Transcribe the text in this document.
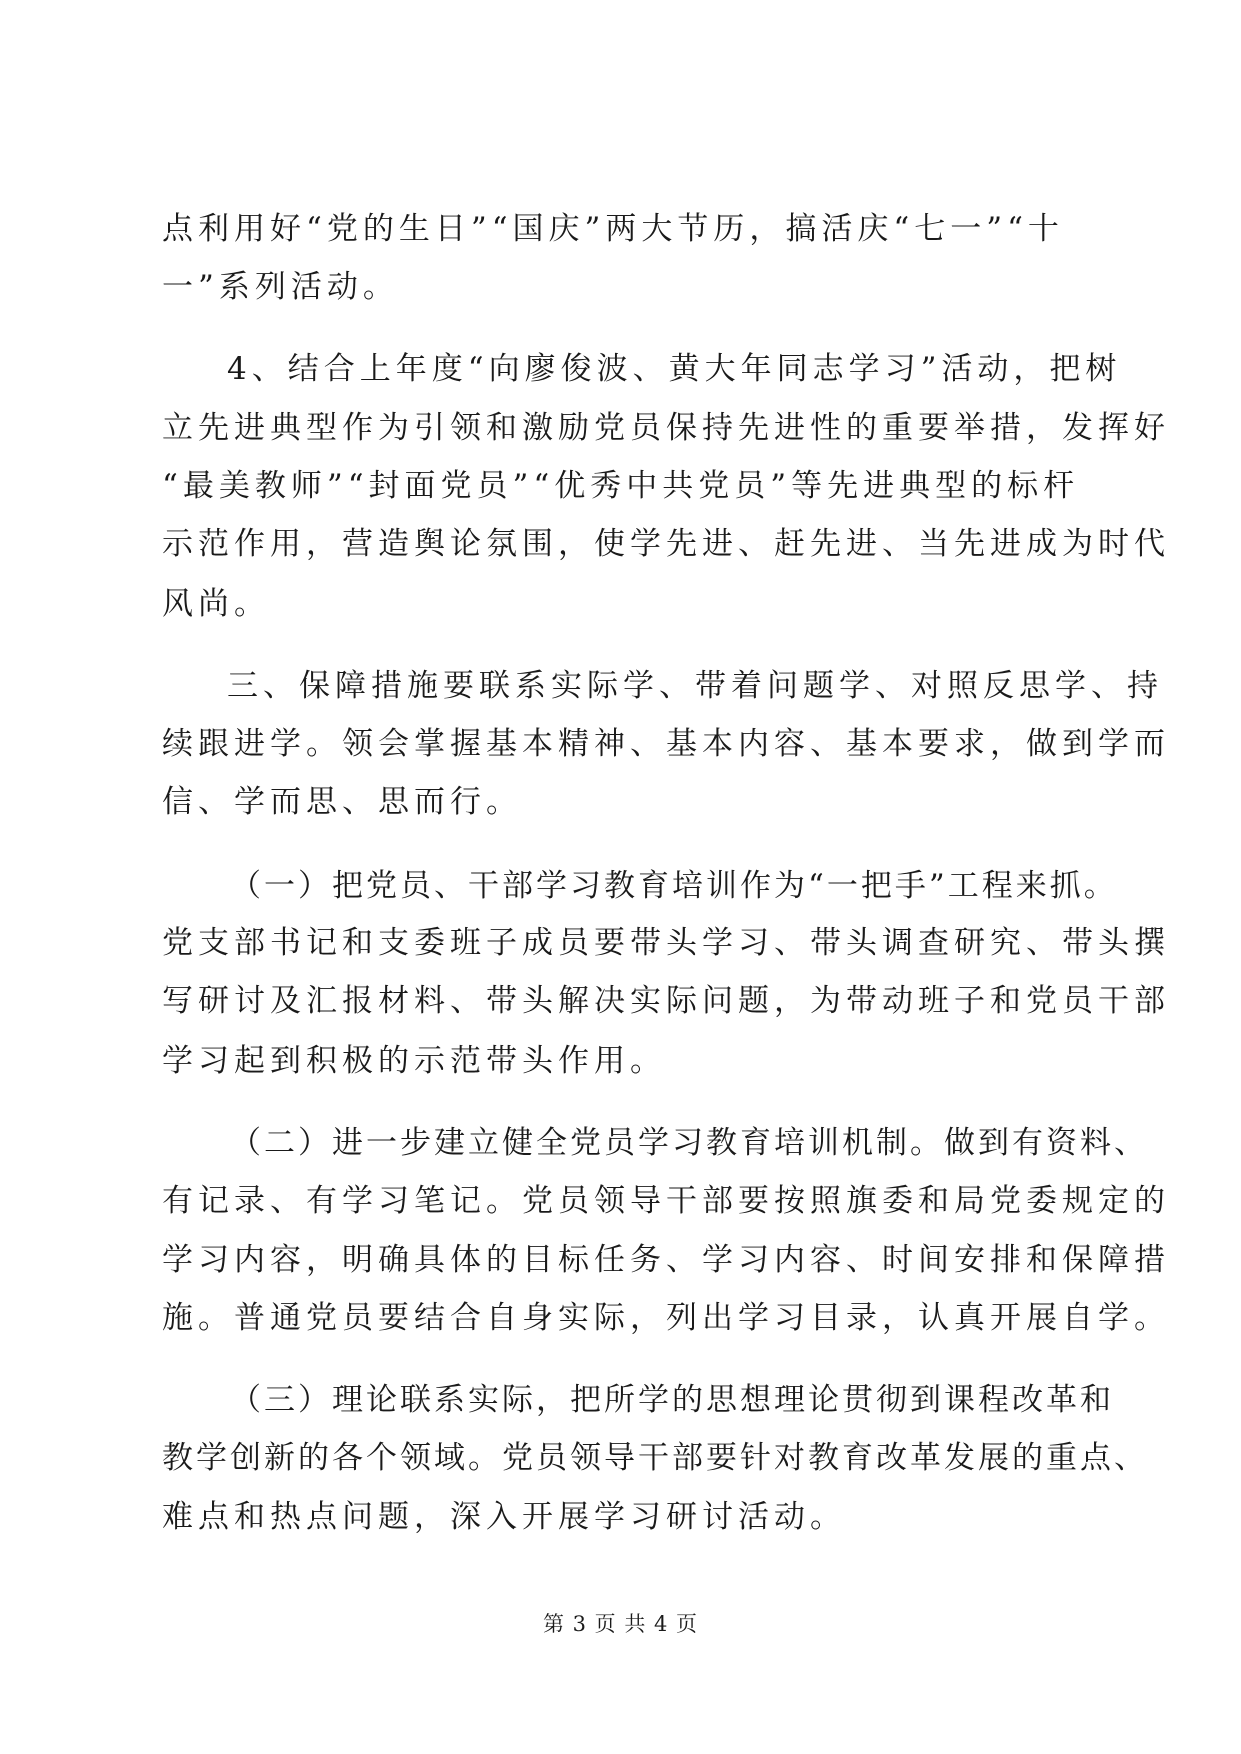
点利用好“党的生日”“国庆”两大节历，搞活庆“七一”“十
一”系列活动。
4、结合上年度“向廖俊波、黄大年同志学习”活动，把树
立先进典型作为引领和激励党员保持先进性的重要举措，发挥好
“最美教师”“封面党员”“优秀中共党员”等先进典型的标杆
示范作用，营造舆论氛围，使学先进、赶先进、当先进成为时代
风尚。
三、保障措施要联系实际学、带着问题学、对照反思学、持
续跟进学。领会掌握基本精神、基本内容、基本要求，做到学而
信、学而思、思而行。
（一）把党员、干部学习教育培训作为“一把手”工程来抓。
党支部书记和支委班子成员要带头学习、带头调查研究、带头撰
写研讨及汇报材料、带头解决实际问题，为带动班子和党员干部
学习起到积极的示范带头作用。
（二）进一步建立健全党员学习教育培训机制。做到有资料、
有记录、有学习笔记。党员领导干部要按照旗委和局党委规定的
学习内容，明确具体的目标任务、学习内容、时间安排和保障措
施。普通党员要结合自身实际，列出学习目录，认真开展自学。
（三）理论联系实际，把所学的思想理论贯彻到课程改革和
教学创新的各个领域。党员领导干部要针对教育改革发展的重点、
难点和热点问题，深入开展学习研讨活动。
第 3 页 共 4 页
